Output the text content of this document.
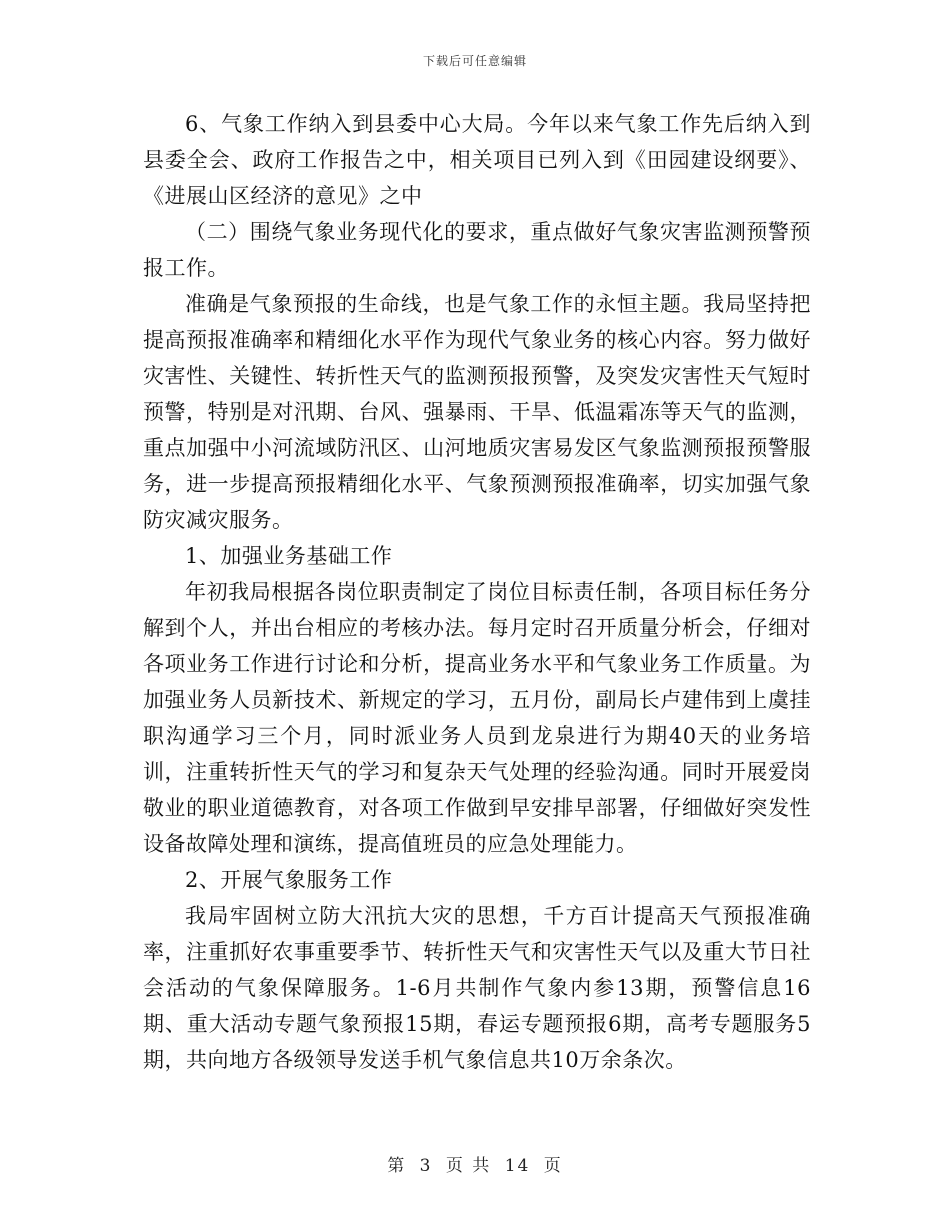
下载后可任意编辑

6、气象工作纳入到县委中心大局。今年以来气象工作先后纳入到县委全会、政府工作报告之中，相关项目已列入到《田园建设纲要》、《进展山区经济的意见》之中

（二）围绕气象业务现代化的要求，重点做好气象灾害监测预警预报工作。

准确是气象预报的生命线，也是气象工作的永恒主题。我局坚持把提高预报准确率和精细化水平作为现代气象业务的核心内容。努力做好灾害性、关键性、转折性天气的监测预报预警，及突发灾害性天气短时预警，特别是对汛期、台风、强暴雨、干旱、低温霜冻等天气的监测，重点加强中小河流域防汛区、山河地质灾害易发区气象监测预报预警服务，进一步提高预报精细化水平、气象预测预报准确率，切实加强气象防灾减灾服务。

1、加强业务基础工作

年初我局根据各岗位职责制定了岗位目标责任制，各项目标任务分解到个人，并出台相应的考核办法。每月定时召开质量分析会，仔细对各项业务工作进行讨论和分析，提高业务水平和气象业务工作质量。为加强业务人员新技术、新规定的学习，五月份，副局长卢建伟到上虞挂职沟通学习三个月，同时派业务人员到龙泉进行为期40天的业务培训，注重转折性天气的学习和复杂天气处理的经验沟通。同时开展爱岗敬业的职业道德教育，对各项工作做到早安排早部署，仔细做好突发性设备故障处理和演练，提高值班员的应急处理能力。

2、开展气象服务工作

我局牢固树立防大汛抗大灾的思想，千方百计提高天气预报准确率，注重抓好农事重要季节、转折性天气和灾害性天气以及重大节日社会活动的气象保障服务。1-6月共制作气象内参13期，预警信息16期、重大活动专题气象预报15期，春运专题预报6期，高考专题服务5期，共向地方各级领导发送手机气象信息共10万余条次。

第 3 页 共 14 页
